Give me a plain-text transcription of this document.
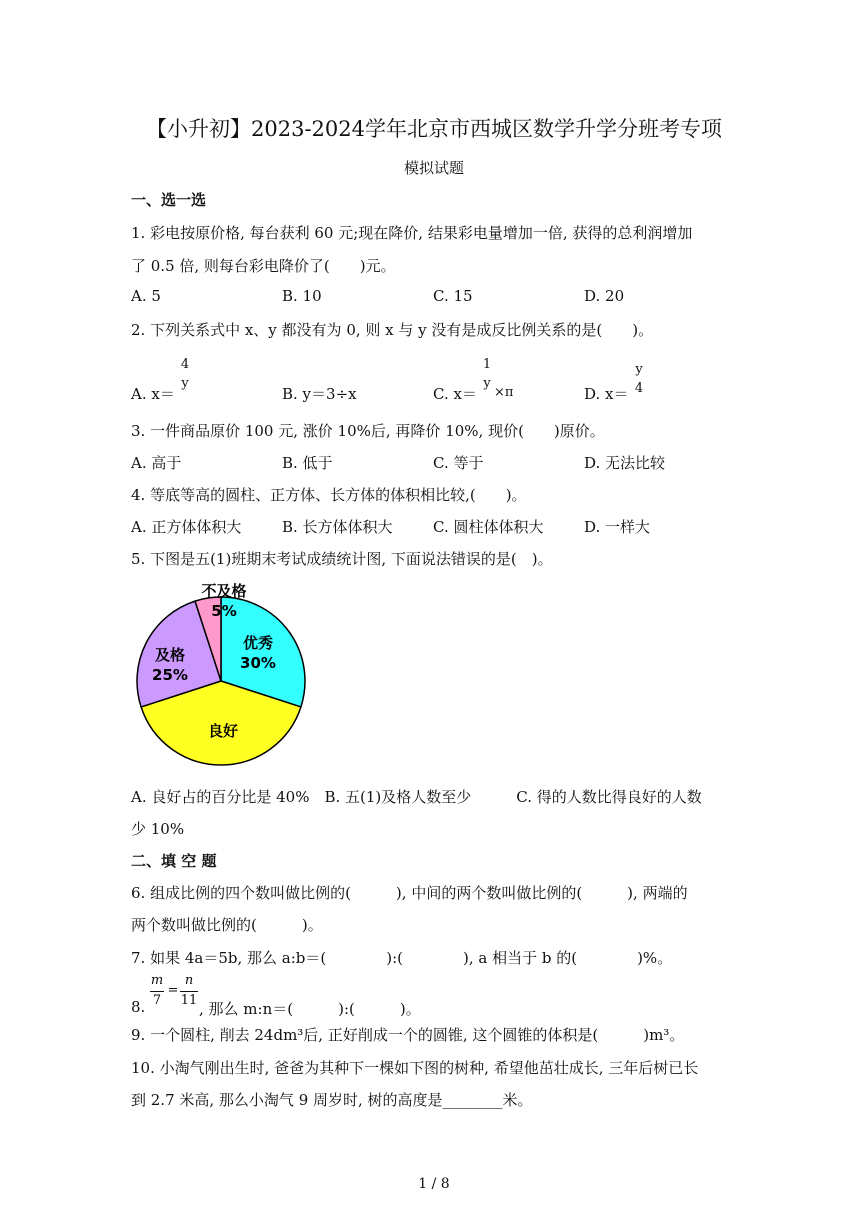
【小升初】2023-2024学年北京市西城区数学升学分班考专项
模拟试题
一、选一选
1. 彩电按原价格, 每台获利 60 元;现在降价, 结果彩电量增加一倍, 获得的总利润增加
了 0.5 倍, 则每台彩电降价了(　　)元。
A. 5	B. 10	C. 15	D. 20
2. 下列关系式中 x、y 都没有为 0, 则 x 与 y 没有是成反比例关系的是(　　)。
A. x＝
4
y
B. y＝3÷x	C. x＝
1
y
×π	D. x＝
y
4
3. 一件商品原价 100 元, 涨价 10%后, 再降价 10%, 现价(　　)原价。
A. 高于	B. 低于	C. 等于	D. 无法比较
4. 等底等高的圆柱、正方体、长方体的体积相比较,(　　)。
A. 正方体体积大	B. 长方体体积大	C. 圆柱体体积大	D. 一样大
5. 下图是五(1)班期末考试成绩统计图, 下面说法错误的是(　)。
优秀
30%
良好
及格
25%
不及格
5%
A. 良好占的百分比是 40%　B. 五(1)及格人数至少　　　C. 得的人数比得良好的人数
少 10%
二、填 空 题
6. 组成比例的四个数叫做比例的(　　　), 中间的两个数叫做比例的(　　　), 两端的
两个数叫做比例的(　　　)。
7. 如果 4a＝5b, 那么 a:b＝(　　　　):(　　　　), a 相当于 b 的(　　　　)%。
m
7
=
n
11
8.	, 那么 m:n＝(　　　):(　　　)。
9. 一个圆柱, 削去 24dm³后, 正好削成一个的圆锥, 这个圆锥的体积是(　　　)m³。
10. 小淘气刚出生时, 爸爸为其种下一棵如下图的树种, 希望他茁壮成长, 三年后树已长
到 2.7 米高, 那么小淘气 9 周岁时, 树的高度是________米。
1 / 8
